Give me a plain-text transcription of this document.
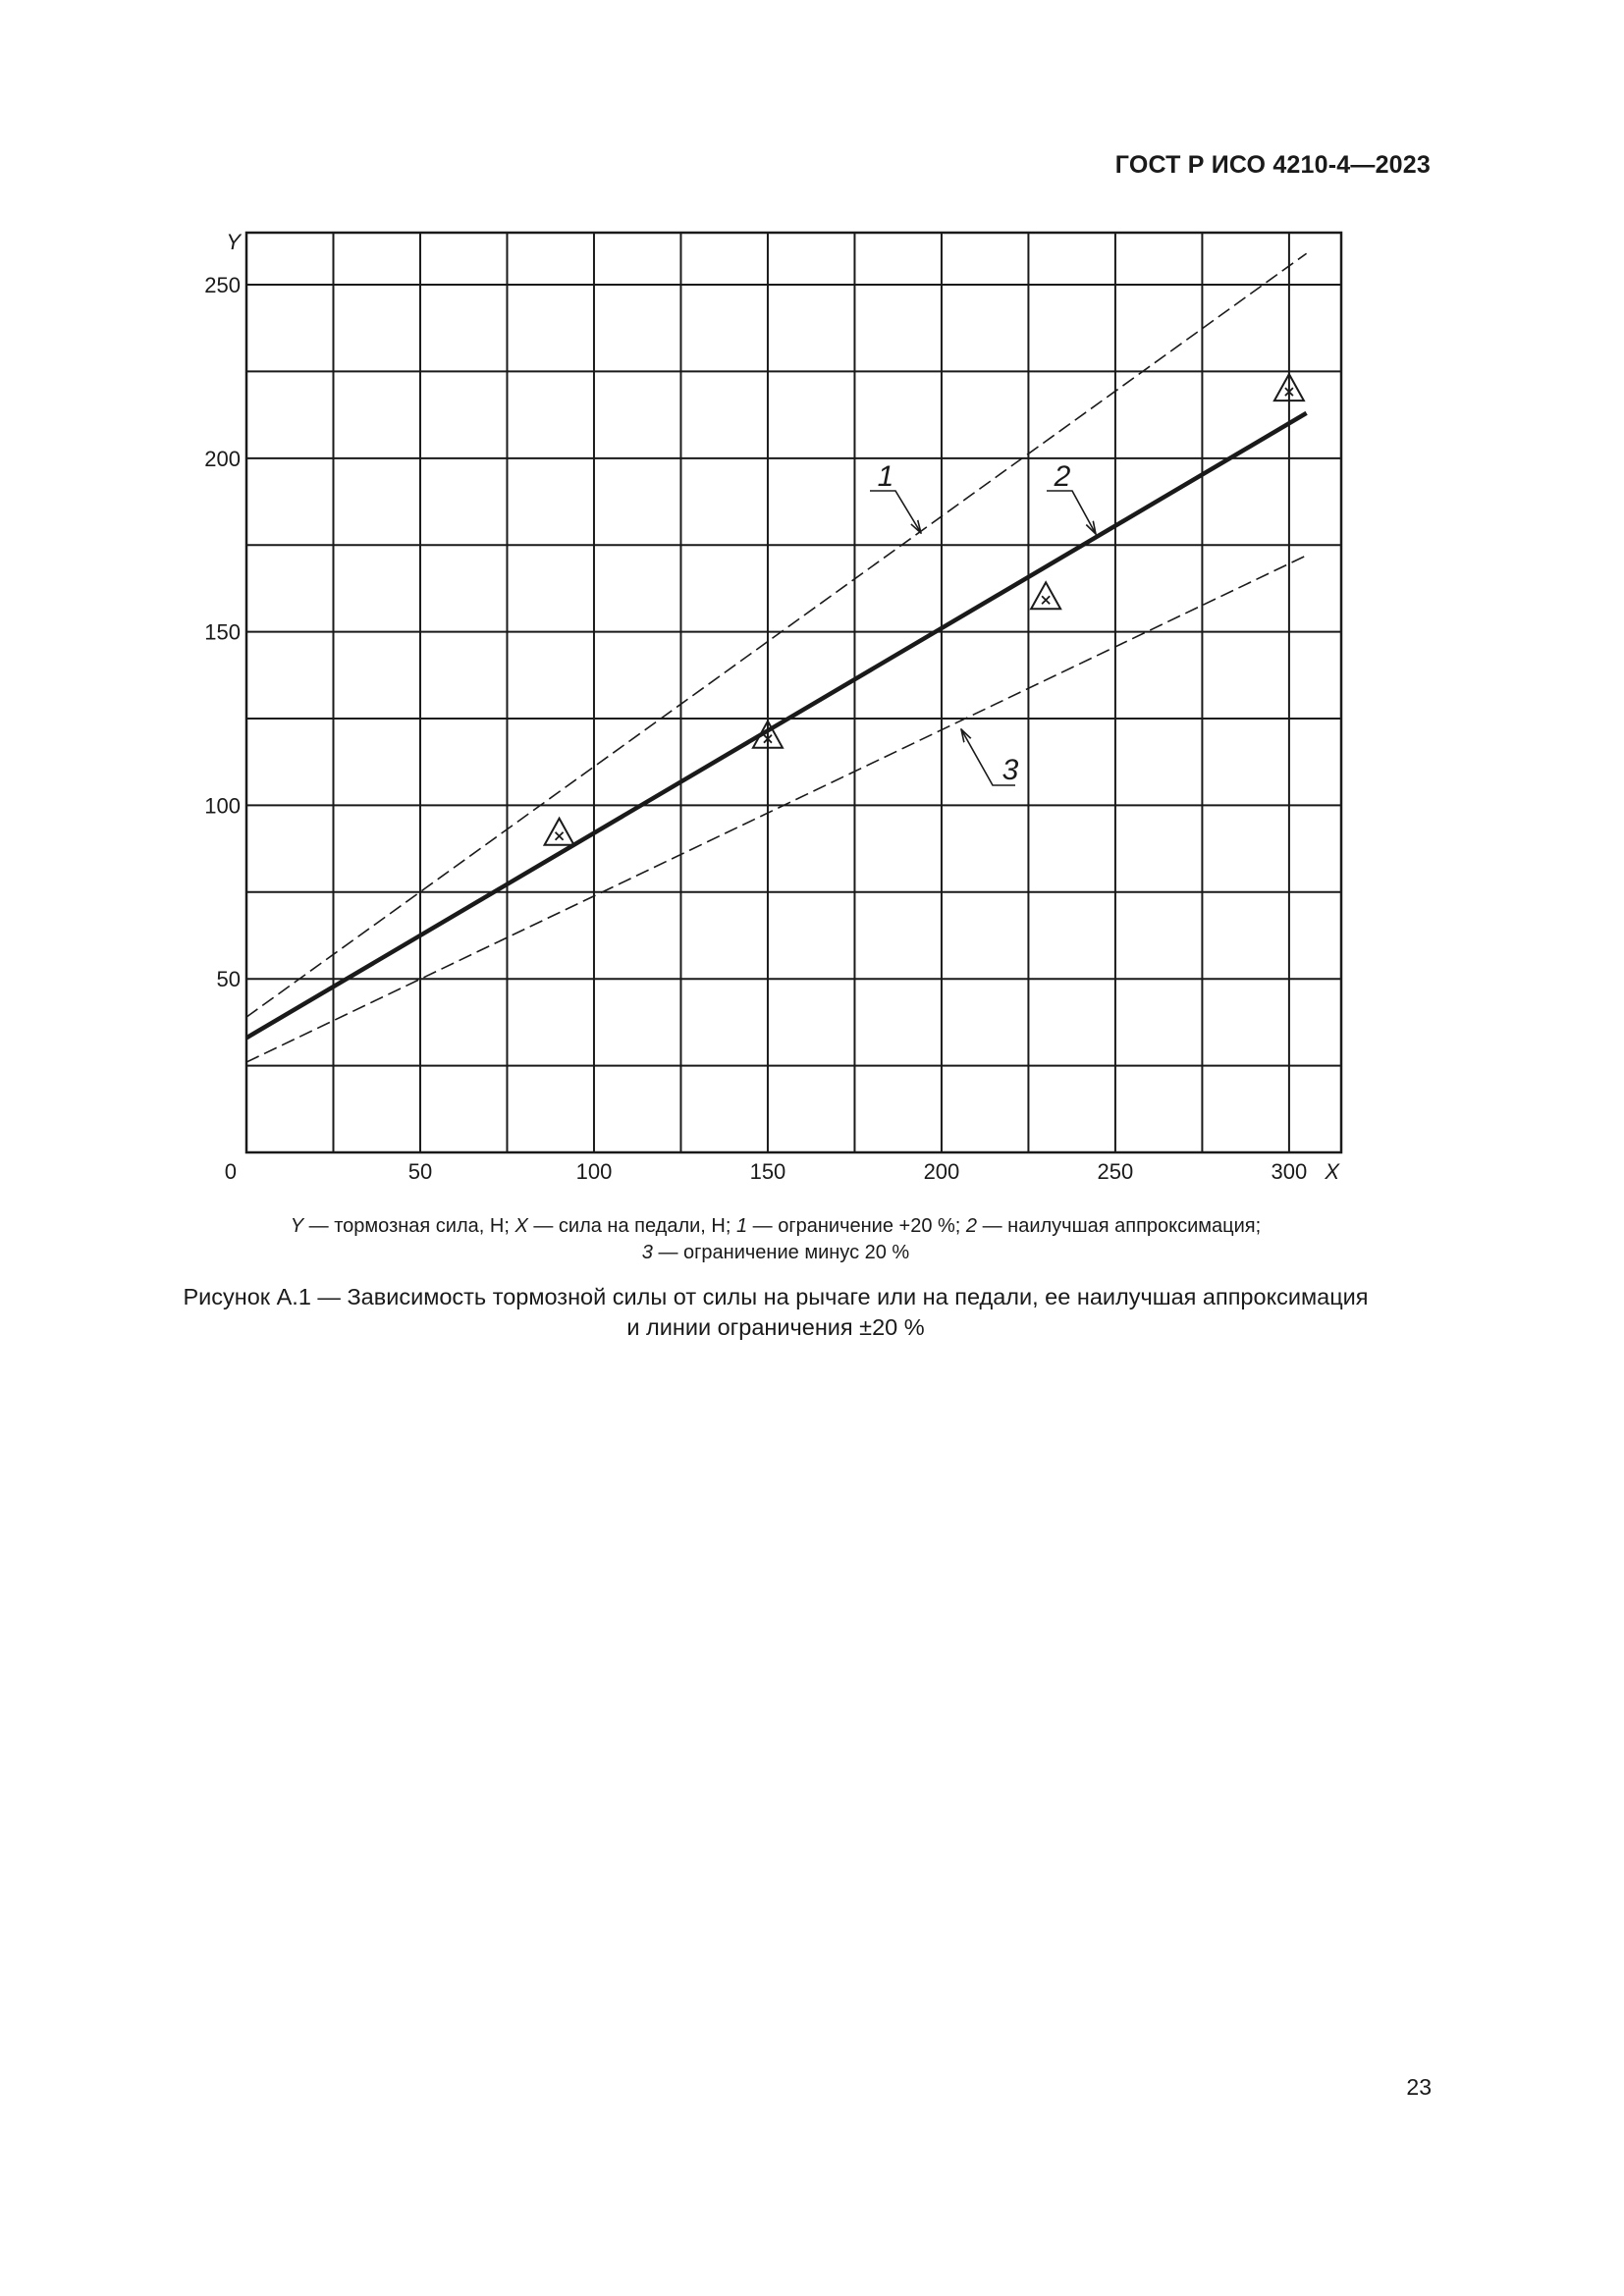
ГОСТ Р ИСО 4210-4—2023
0	50	100	150	200	250	300
50
100
150
200
250
X
Y
1	2
3
Y — тормозная сила, Н; X — сила на педали, Н; 1 — ограничение +20 %; 2 — наилучшая аппроксимация;
3 — ограничение минус 20 %
Рисунок А.1 — Зависимость тормозной силы от силы на рычаге или на педали, ее наилучшая аппроксимация
и линии ограничения ±20 %
23
